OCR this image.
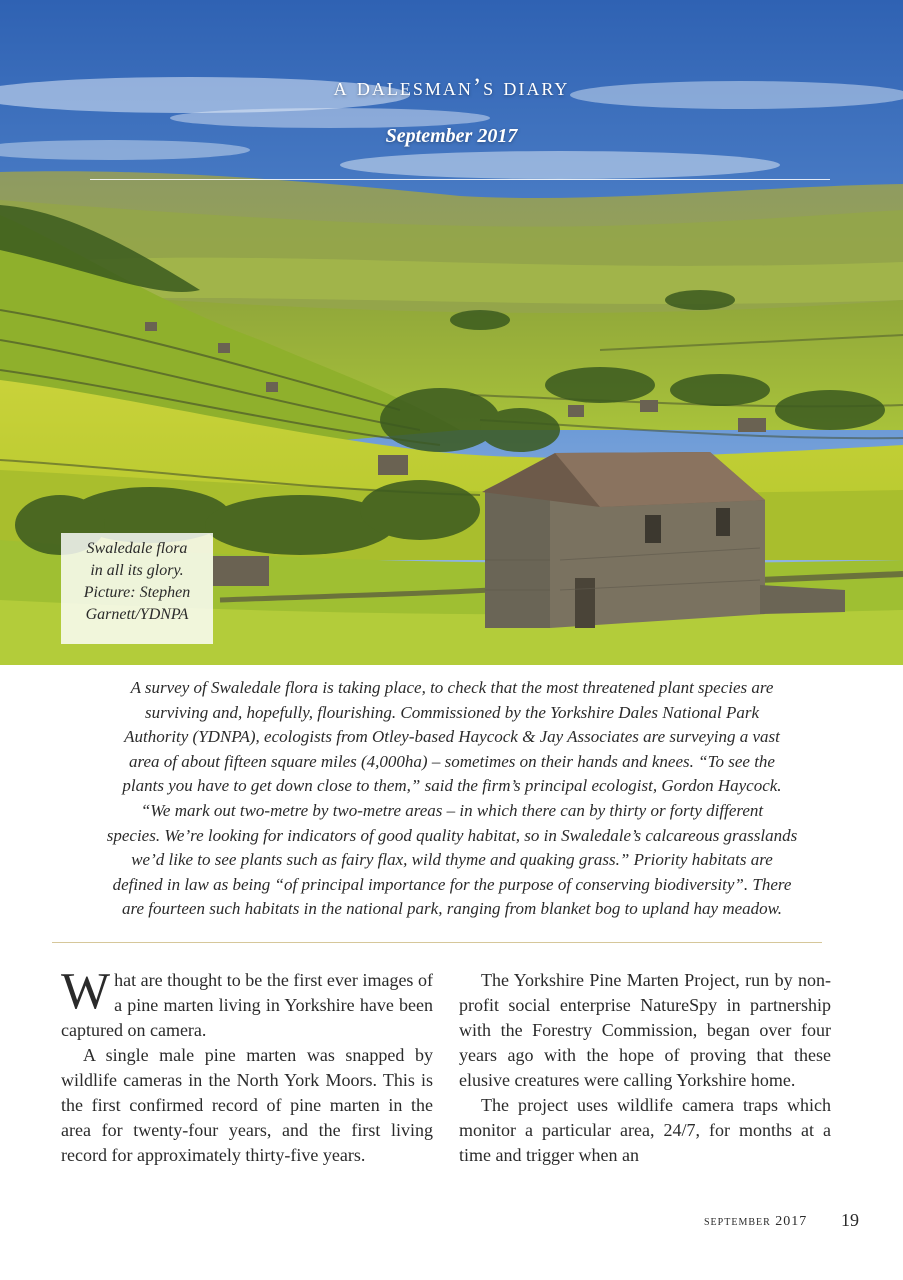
a dalesman’s diary
September 2017
Swaledale flora
in all its glory.
Picture: Stephen
Garnett/YDNPA
A survey of Swaledale flora is taking place, to check that the most threatened plant species are
surviving and, hopefully, flourishing. Commissioned by the Yorkshire Dales National Park
Authority (YDNPA), ecologists from Otley-based Haycock & Jay Associates are surveying a vast
area of about fifteen square miles (4,000ha) – sometimes on their hands and knees. “To see the
plants you have to get down close to them,” said the firm’s principal ecologist, Gordon Haycock.
“We mark out two-metre by two-metre areas – in which there can by thirty or forty different
species. We’re looking for indicators of good quality habitat, so in Swaledale’s calcareous grasslands
we’d like to see plants such as fairy flax, wild thyme and quaking grass.” Priority habitats are
defined in law as being “of principal importance for the purpose of conserving biodiversity”. There
are fourteen such habitats in the national park, ranging from blanket bog to upland hay meadow.

What are thought to be the first ever images of a pine marten living in Yorkshire have been captured on camera.

A single male pine marten was snapped by wildlife cameras in the North York Moors. This is the first confirmed record of pine marten in the area for twenty-four years, and the first living record for approximately thirty-five years.

The Yorkshire Pine Marten Project, run by non-profit social enterprise NatureSpy in partnership with the Forestry Commission, began over four years ago with the hope of proving that these elusive creatures were calling Yorkshire home.

The project uses wildlife camera traps which monitor a particular area, 24/7, for months at a time and trigger when an

september 2017 19
